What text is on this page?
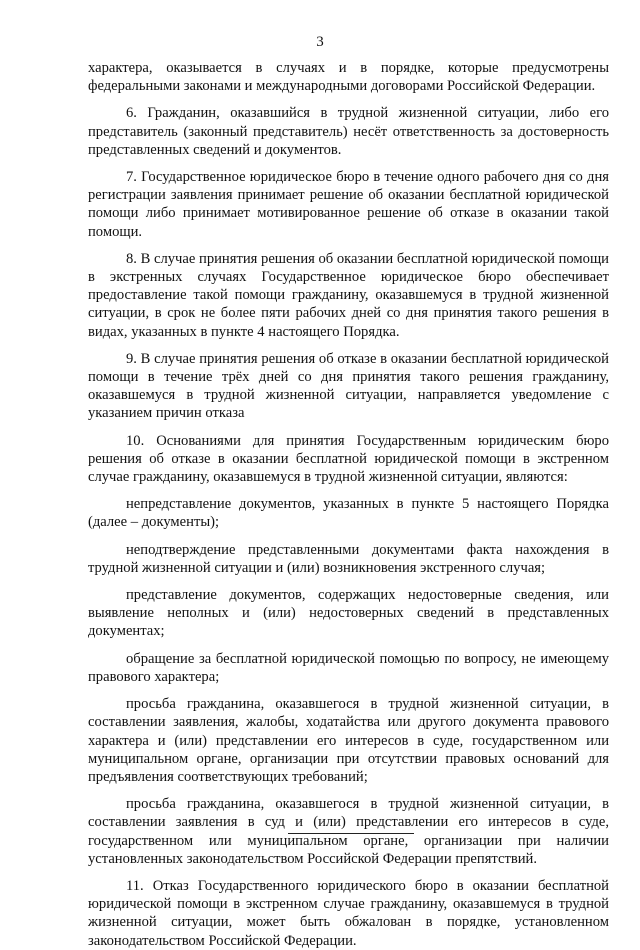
3

характера, оказывается в случаях и в порядке, которые предусмотрены федеральными законами и международными договорами Российской Федерации.

6. Гражданин, оказавшийся в трудной жизненной ситуации, либо его представитель (законный представитель) несёт ответственность за достоверность представленных сведений и документов.

7. Государственное юридическое бюро в течение одного рабочего дня со дня регистрации заявления принимает решение об оказании бесплатной юридической помощи либо принимает мотивированное решение об отказе в оказании такой помощи.

8. В случае принятия решения об оказании бесплатной юридической помощи в экстренных случаях Государственное юридическое бюро обеспечивает предоставление такой помощи гражданину, оказавшемуся в трудной жизненной ситуации, в срок не более пяти рабочих дней со дня принятия такого решения в видах, указанных в пункте 4 настоящего Порядка.

9. В случае принятия решения об отказе в оказании бесплатной юридической помощи в течение трёх дней со дня принятия такого решения гражданину, оказавшемуся в трудной жизненной ситуации, направляется уведомление с указанием причин отказа

10. Основаниями для принятия Государственным юридическим бюро решения об отказе в оказании бесплатной юридической помощи в экстренном случае гражданину, оказавшемуся в трудной жизненной ситуации, являются:

непредставление документов, указанных в пункте 5 настоящего Порядка (далее – документы);

неподтверждение представленными документами факта нахождения в трудной жизненной ситуации и (или) возникновения экстренного случая;

представление документов, содержащих недостоверные сведения, или выявление неполных и (или) недостоверных сведений в представленных документах;

обращение за бесплатной юридической помощью по вопросу, не имеющему правового характера;

просьба гражданина, оказавшегося в трудной жизненной ситуации, в составлении заявления, жалобы, ходатайства или другого документа правового характера и (или) представлении его интересов в суде, государственном или муниципальном органе, организации при отсутствии правовых оснований для предъявления соответствующих требований;

просьба гражданина, оказавшегося в трудной жизненной ситуации, в составлении заявления в суд и (или) представлении его интересов в суде, государственном или муниципальном органе, организации при наличии установленных законодательством Российской Федерации препятствий.

11. Отказ Государственного юридического бюро в оказании бесплатной юридической помощи в экстренном случае гражданину, оказавшемуся в трудной жизненной ситуации, может быть обжалован в порядке, установленном законодательством Российской Федерации.
